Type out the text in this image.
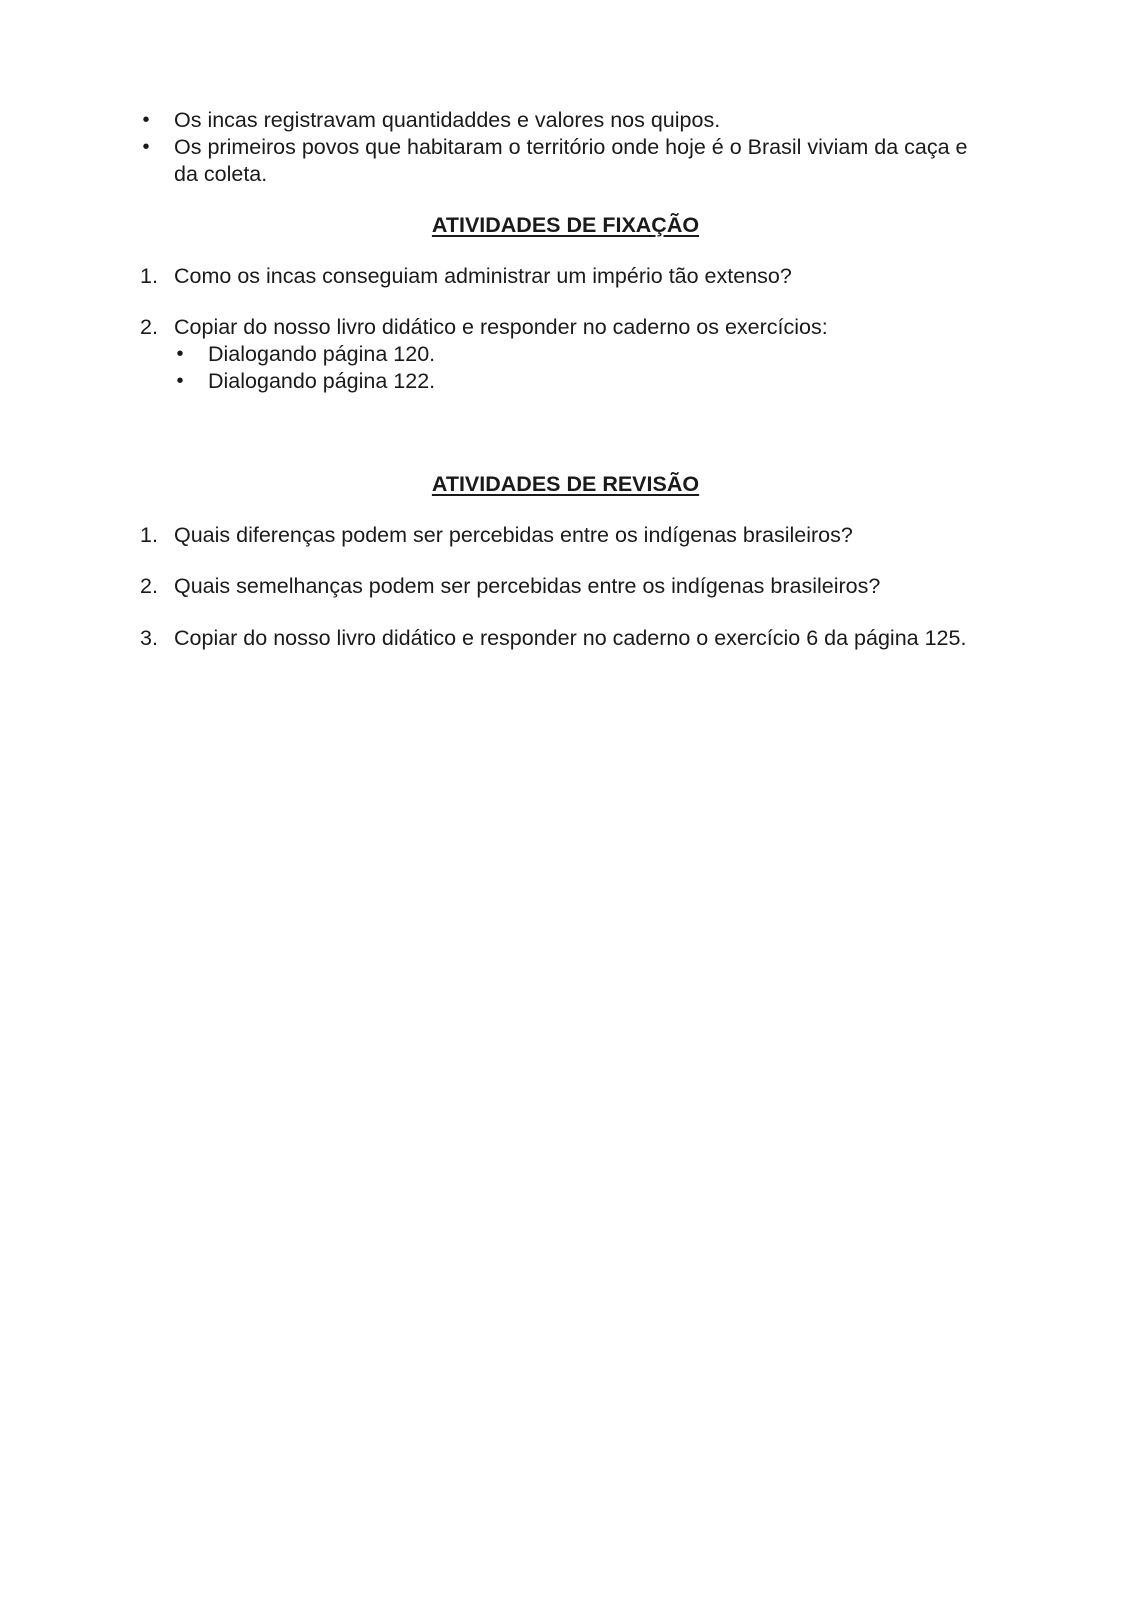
•	Os incas registravam quantidaddes e valores nos quipos.
•	Os primeiros povos que habitaram o território onde hoje é o Brasil viviam da caça e
da coleta.
ATIVIDADES DE FIXAÇÃO
1. Como os incas conseguiam administrar um império tão extenso?
2. Copiar do nosso livro didático e responder no caderno os exercícios:
•	Dialogando página 120.
•	Dialogando página 122.
ATIVIDADES DE REVISÃO
1. Quais diferenças podem ser percebidas entre os indígenas brasileiros?
2. Quais semelhanças podem ser percebidas entre os indígenas brasileiros?
3. Copiar do nosso livro didático e responder no caderno o exercício 6 da página 125.
